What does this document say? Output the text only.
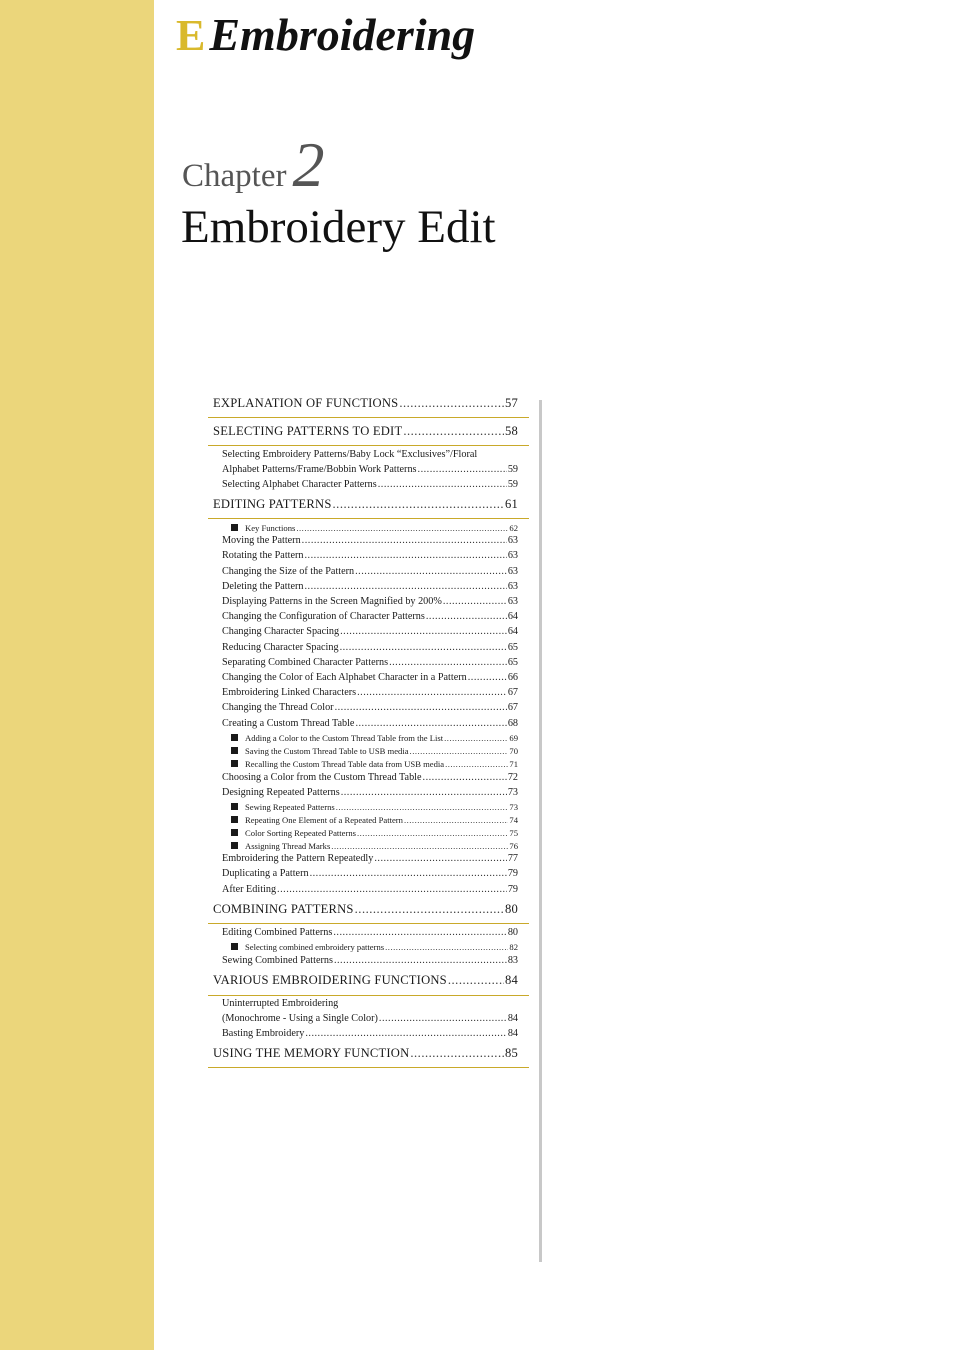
EEmbroidering
Chapter2
Embroidery Edit
EXPLANATION OF FUNCTIONS .....	57
SELECTING PATTERNS TO EDIT .....	58
Selecting Embroidery Patterns/Baby Lock “Exclusives”/Floral
Alphabet Patterns/Frame/Bobbin Work Patterns .....	59
Selecting Alphabet Character Patterns .....	59
EDITING PATTERNS .....	61
Key Functions .....	62
Moving the Pattern .....	63
Rotating the Pattern .....	63
Changing the Size of the Pattern .....	63
Deleting the Pattern .....	63
Displaying Patterns in the Screen Magnified by 200% .....	63
Changing the Configuration of Character Patterns .....	64
Changing Character Spacing .....	64
Reducing Character Spacing .....	65
Separating Combined Character Patterns .....	65
Changing the Color of Each Alphabet Character in a Pattern .....	66
Embroidering Linked Characters .....	67
Changing the Thread Color .....	67
Creating a Custom Thread Table .....	68
Adding a Color to the Custom Thread Table from the List .....	69
Saving the Custom Thread Table to USB media .....	70
Recalling the Custom Thread Table data from USB media .....	71
Choosing a Color from the Custom Thread Table .....	72
Designing Repeated Patterns .....	73
Sewing Repeated Patterns .....	73
Repeating One Element of a Repeated Pattern .....	74
Color Sorting Repeated Patterns .....	75
Assigning Thread Marks .....	76
Embroidering the Pattern Repeatedly .....	77
Duplicating a Pattern .....	79
After Editing .....	79
COMBINING PATTERNS .....	80
Editing Combined Patterns .....	80
Selecting combined embroidery patterns .....	82
Sewing Combined Patterns .....	83
VARIOUS EMBROIDERING FUNCTIONS .....	84
Uninterrupted Embroidering
(Monochrome - Using a Single Color) .....	84
Basting Embroidery .....	84
USING THE MEMORY FUNCTION .....	85
